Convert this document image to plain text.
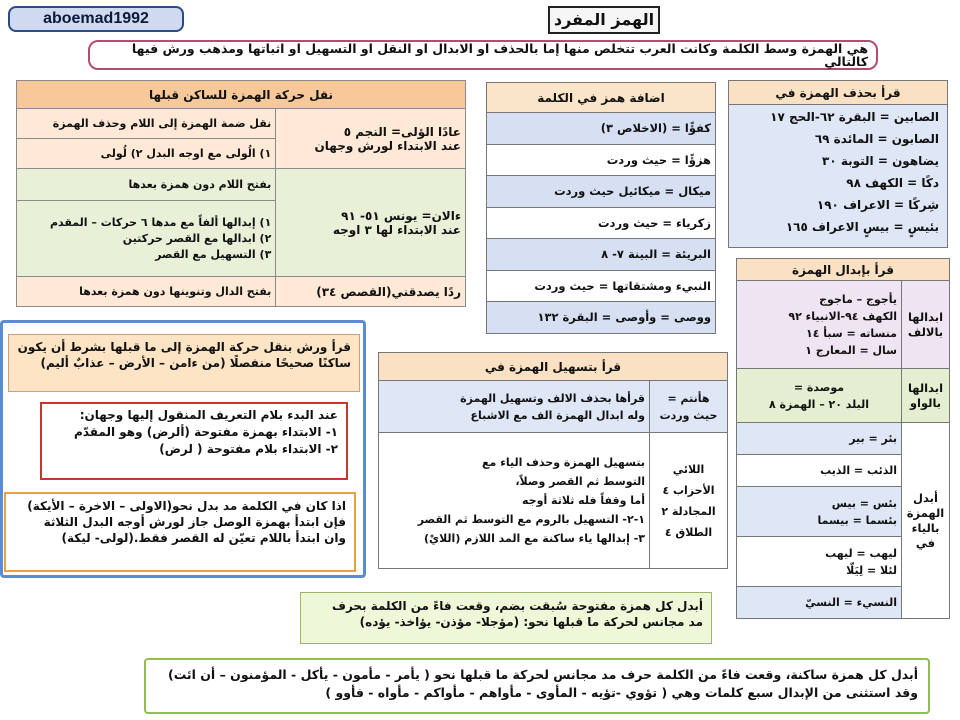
aboemad1992	الهمز المفرد
هي الهمزة وسط الكلمة وكانت العرب تتخلص منها إما بالحذف او الابدال او النقل او التسهيل او اثباتها ومذهب ورش فيها كالتالي
نقل حركة الهمزة للساكن قبلها	
نقل ضمة الهمزة إلى اللام وحذف الهمزة	عادًا الؤلى= النجم ٥
عند الابتداء لورش وجهان

١) الُولى مع اوجه البدل ٢) لُولى	
بفتح اللام دون همزة بعدها	ءالان= يونس ٥١- ٩١
عند الابتداء لها ٣ اوجه

١) إبدالها ألفاً مع مدها ٦ حركات – المقدم
٢) ابدالها مع القصر حركتين
٣) التسهيل مع القصر	

بفتح الدال وتنوينها دون همزة بعدها	ردًا يصدقني(القصص ٣٤)
اضافة همز في الكلمة
كفؤًا = (الاخلاص ٣)
هزؤًا = حيث وردت
ميكال = ميكائيل حيث وردت
زكرياء = حيث وردت
البريئة = البينة ٧- ٨
النبيء ومشتقاتها = حيث وردت
ووصى = وأوصى = البقرة ١٣٢
قرأ بحذف الهمزة في
الصابين = البقرة ٦٢-الحج ١٧
الصابون = المائدة ٦٩
يضاهون = التوبة ٣٠
دكًا = الكهف ٩٨
شِركًا = الاعراف ١٩٠
بئيسٍ = بيسٍ الاعراف ١٦٥
قرأ بإبدال الهمزة	

يأجوج – ماجوج
الكهف ٩٤-الانبياء ٩٢
منساته = سبأ ١٤
سال = المعارج ١	ابدالها بالالف

موصدة =
البلد ٢٠ – الهمزة ٨	ابدالها بالواو
بئر = بير	أبدل الهمزة بالياء في
الذئب = الذيب	

بئس = بيس
بئسما = بيسما	

ليهب = ليهب
لئلا = لِيَلّا	

النسيء = النسيّ	
قرأ ورش بنقل حركة الهمزة إلى ما قبلها بشرط أن يكون
ساكنًا صحيحًا منفصلًا (من ءامن – الأرض – عذابٌ أليم)
عند البدء بلام التعريف المنقول إليها وجهان:
١- الابتداء بهمزة مفتوحة (ألرض) وهو المقدّم
٢- الابتداء بلام مفتوحة ( لرض)
اذا كان في الكلمة مد بدل نحو(الاولى – الاخرة – الأيكة)
فإن ابتدأ بهمزة الوصل جاز لورش أوجه البدل الثلاثة
وان ابتدأ باللام تعيّن له القصر فقط.(لولى- ليكة)
قرأ بتسهيل الهمزة في	

قرأها بحذف الالف وتسهيل الهمزة
وله ابدال الهمزة الف مع الاشباع	هأنتم =
حيث وردت

بتسهيل الهمزة وحذف الياء مع
التوسط ثم القصر وصلاً،
أما وقفاً فله ثلاثة أوجه
١-٢- التسهيل بالروم مع التوسط ثم القصر
٣- إبدالها ياء ساكنة مع المد اللازم (اللايْ)	اللائي
الأحزاب ٤
المجادلة ٢
الطلاق ٤
أبدل كل همزة مفتوحة سُبقت بضم، وقعت فاءً من الكلمة بحرف
مد مجانس لحركة ما قبلها نحو: (مؤجلا- مؤذن- يؤاخذ- يؤده)
أبدل كل همزة ساكنة، وقعت فاءً من الكلمة حرف مد مجانس لحركة ما قبلها نحو ( يأمر - مأمون - يأكل - المؤمنون – أن ائت)
وقد استثنى من الإبدال سبع كلمات وهي ( تؤوي -تؤيه - المأوى - مأواهم - مأواكم - مأواه - فأوو )
